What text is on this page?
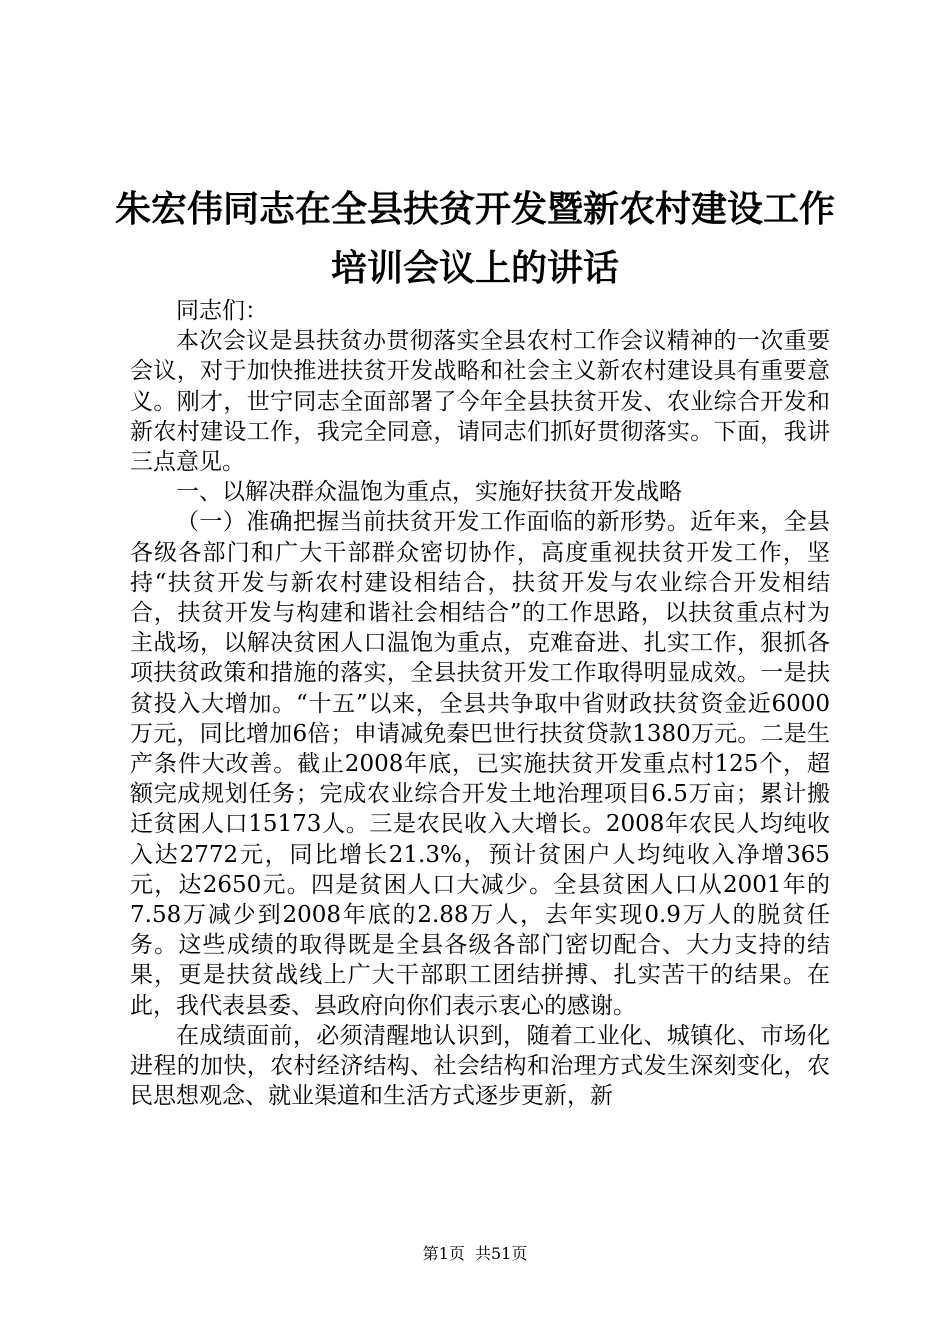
朱宏伟同志在全县扶贫开发暨新农村建设工作
培训会议上的讲话

同志们：

本次会议是县扶贫办贯彻落实全县农村工作会议精神的一次重要会议，对于加快推进扶贫开发战略和社会主义新农村建设具有重要意义。刚才，世宁同志全面部署了今年全县扶贫开发、农业综合开发和新农村建设工作，我完全同意，请同志们抓好贯彻落实。下面，我讲三点意见。

一、以解决群众温饱为重点，实施好扶贫开发战略

（一）准确把握当前扶贫开发工作面临的新形势。近年来，全县各级各部门和广大干部群众密切协作，高度重视扶贫开发工作，坚持“扶贫开发与新农村建设相结合，扶贫开发与农业综合开发相结合，扶贫开发与构建和谐社会相结合”的工作思路，以扶贫重点村为主战场，以解决贫困人口温饱为重点，克难奋进、扎实工作，狠抓各项扶贫政策和措施的落实，全县扶贫开发工作取得明显成效。一是扶贫投入大增加。“十五”以来，全县共争取中省财政扶贫资金近6000万元，同比增加6倍；申请减免秦巴世行扶贫贷款1380万元。二是生产条件大改善。截止2008年底，已实施扶贫开发重点村125个，超额完成规划任务；完成农业综合开发土地治理项目6.5万亩；累计搬迁贫困人口15173人。三是农民收入大增长。2008年农民人均纯收入达2772元，同比增长21.3%，预计贫困户人均纯收入净增365元，达2650元。四是贫困人口大减少。全县贫困人口从2001年的7.58万减少到2008年底的2.88万人，去年实现0.9万人的脱贫任务。这些成绩的取得既是全县各级各部门密切配合、大力支持的结果，更是扶贫战线上广大干部职工团结拼搏、扎实苦干的结果。在此，我代表县委、县政府向你们表示衷心的感谢。

在成绩面前，必须清醒地认识到，随着工业化、城镇化、市场化进程的加快，农村经济结构、社会结构和治理方式发生深刻变化，农民思想观念、就业渠道和生活方式逐步更新，新

第1页  共51页
